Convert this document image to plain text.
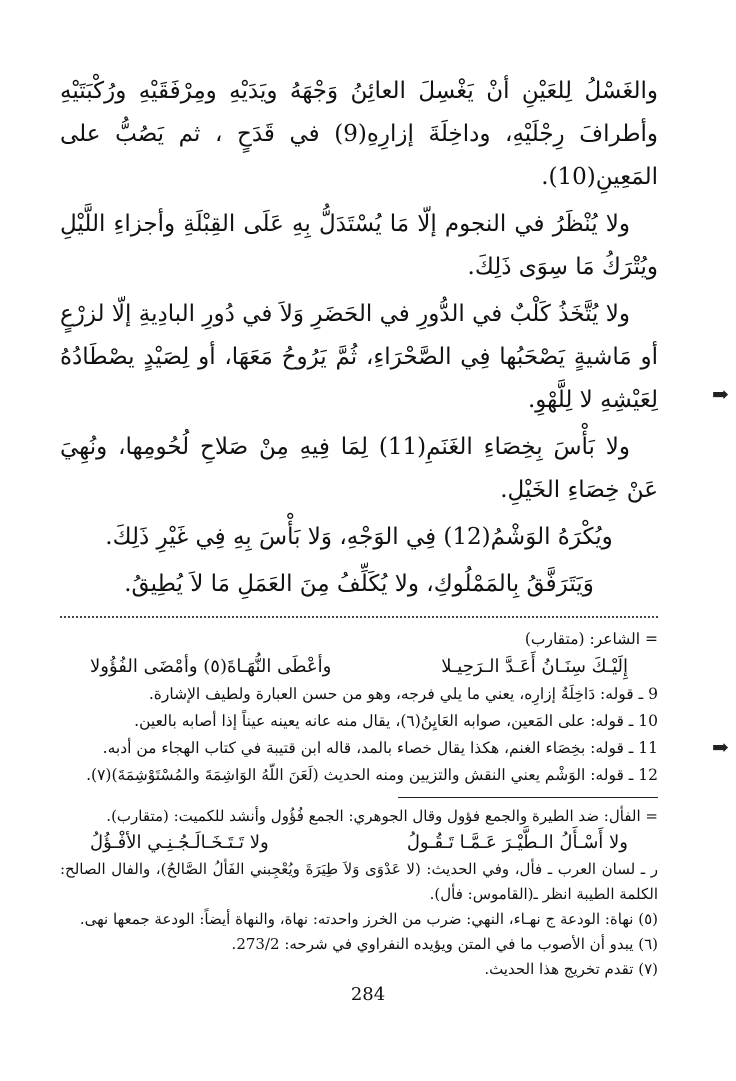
والغَسْلُ لِلعَيْنِ أنْ يَغْسِلَ العائِنُ وَجْهَهُ ويَدَيْهِ ومِرْفَقَيْهِ ورُكْبَتَيْهِ وأطرافَ رِجْلَيْهِ، وداخِلَةَ إزارِهِ(9) في قَدَحٍ ، ثم يَصُبُّ على المَعِينِ(10).

ولا يُنْظَرُ في النجوم إلّا مَا يُسْتَدَلُّ بِهِ عَلَى القِبْلَةِ وأجزاءِ اللَّيْلِ ويُتْرَكُ مَا سِوَى ذَلِكَ.

ولا يُتَّخَذُ كَلْبٌ في الدُّورِ في الحَضَرِ وَلاَ في دُورِ البادِيةِ إلّا لزرْعٍ أو مَاشيةٍ يَصْحَبُها فِي الصَّحْرَاءِ، ثُمَّ يَرُوحُ مَعَهَا، أو لِصَيْدٍ يصْطَادُهُ لِعَيْشِهِ لا لِلَّهْوِ.

ولا بَأْسَ بِخِصَاءِ الغَنَمِ(11) لِمَا فِيهِ مِنْ صَلاحِ لُحُومِها، ونُهِيَ عَنْ خِصَاءِ الخَيْلِ.

ويُكْرَهُ الوَشْمُ(12) فِي الوَجْهِ، وَلا بَأْسَ بِهِ فِي غَيْرِ ذَلِكَ.

وَيَتَرَفَّقُ بِالمَمْلُوكِ، ولا يُكَلِّفُ مِنَ العَمَلِ مَا لاَ يُطِيقُ.

= الشاعر: (متقارب)

إِلَيْـكَ سِنَـانُ أَعَـدَّ الـرَحِيـلا
وأعْطَى النُّهَـاةَ(٥) وأمْضَى الفُؤُولا

9 ـ قوله: دَاخِلَةُ إزارِه، يعني ما يلي فرجه، وهو من حسن العبارة ولطيف الإشارة.

10 ـ قوله: على المَعين، صوابه العَايِنُ(٦)، يقال منه عانه يعينه عيناً إذا أصابه بالعين.

11 ـ قوله: بخِصَاء الغنم، هكذا يقال خصاء بالمد، قاله ابن قتيبة في كتاب الهجاء من أدبه.

12 ـ قوله: الوَشْم يعني النقش والتزيين ومنه الحديث (لَعَنَ اللّهُ الوَاشِمَةَ والمُسْتَوْشِمَةَ)(٧).

= الفأل: ضد الطيرة والجمع فؤول وقال الجوهري: الجمع فُؤُول وأنشد للكميت: (متقارب).

ولا أَسْـأَلُ الـطَّيْـرَ عَـمَّـا تَـقُـولُ
ولا تَـتَـخَـالَـجُـنِـي الأفْـؤُلُ

ر ـ لسان العرب ـ فأل، وفي الحديث: (لا عَدْوَى وَلاَ طِيَرَةَ ويُعْجِبني الفَألُ الصَّالحُ)، والفال الصالح: الكلمة الطيبة انظر ـ(القاموس: فأل).

(٥) نهاة: الودعة ج نهـاء، النهي: ضرب من الخرز واحدته: نهاة، والنهاة أيضاً: الودعة جمعها نهى.

(٦) يبدو أن الأصوب ما في المتن ويؤيده النفراوي في شرحه: 273/2.

(٧) تقدم تخريج هذا الحديث.

➡
➡
284
